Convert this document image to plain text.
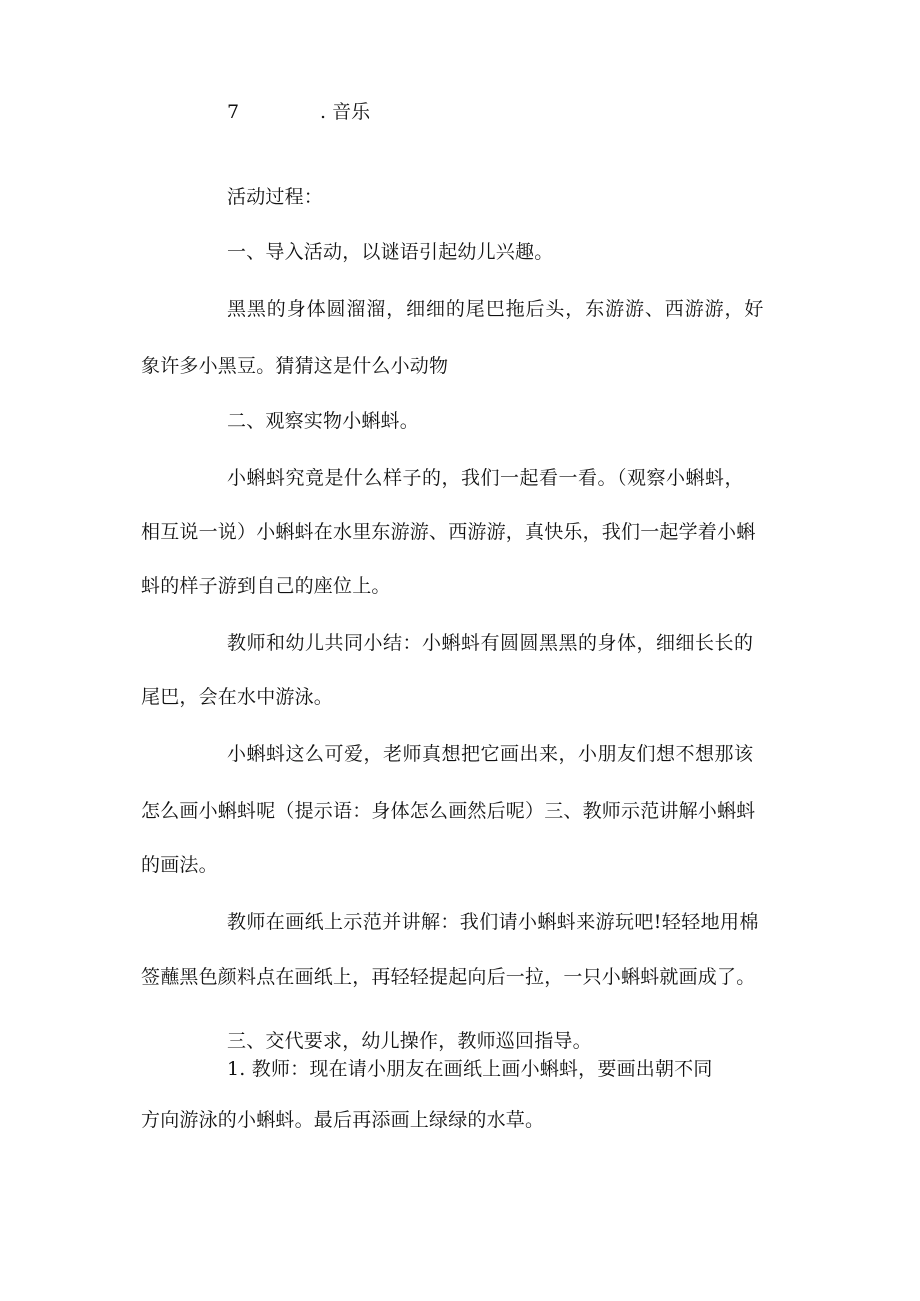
7	. 音乐

活动过程：

一、导入活动，以谜语引起幼儿兴趣。

黑黑的身体圆溜溜，细细的尾巴拖后头，东游游、西游游，好

象许多小黑豆。猜猜这是什么小动物

二、观察实物小蝌蚪。

小蝌蚪究竟是什么样子的，我们一起看一看。（观察小蝌蚪，

相互说一说）小蝌蚪在水里东游游、西游游，真快乐，我们一起学着小蝌

蚪的样子游到自己的座位上。

教师和幼儿共同小结：小蝌蚪有圆圆黑黑的身体，细细长长的

尾巴，会在水中游泳。

小蝌蚪这么可爱，老师真想把它画出来，小朋友们想不想那该

怎么画小蝌蚪呢（提示语：身体怎么画然后呢）三、教师示范讲解小蝌蚪

的画法。

教师在画纸上示范并讲解：我们请小蝌蚪来游玩吧!轻轻地用棉

签蘸黑色颜料点在画纸上，再轻轻提起向后一拉，一只小蝌蚪就画成了。

三、交代要求，幼儿操作，教师巡回指导。

1. 教师：现在请小朋友在画纸上画小蝌蚪，要画出朝不同

方向游泳的小蝌蚪。最后再添画上绿绿的水草。
